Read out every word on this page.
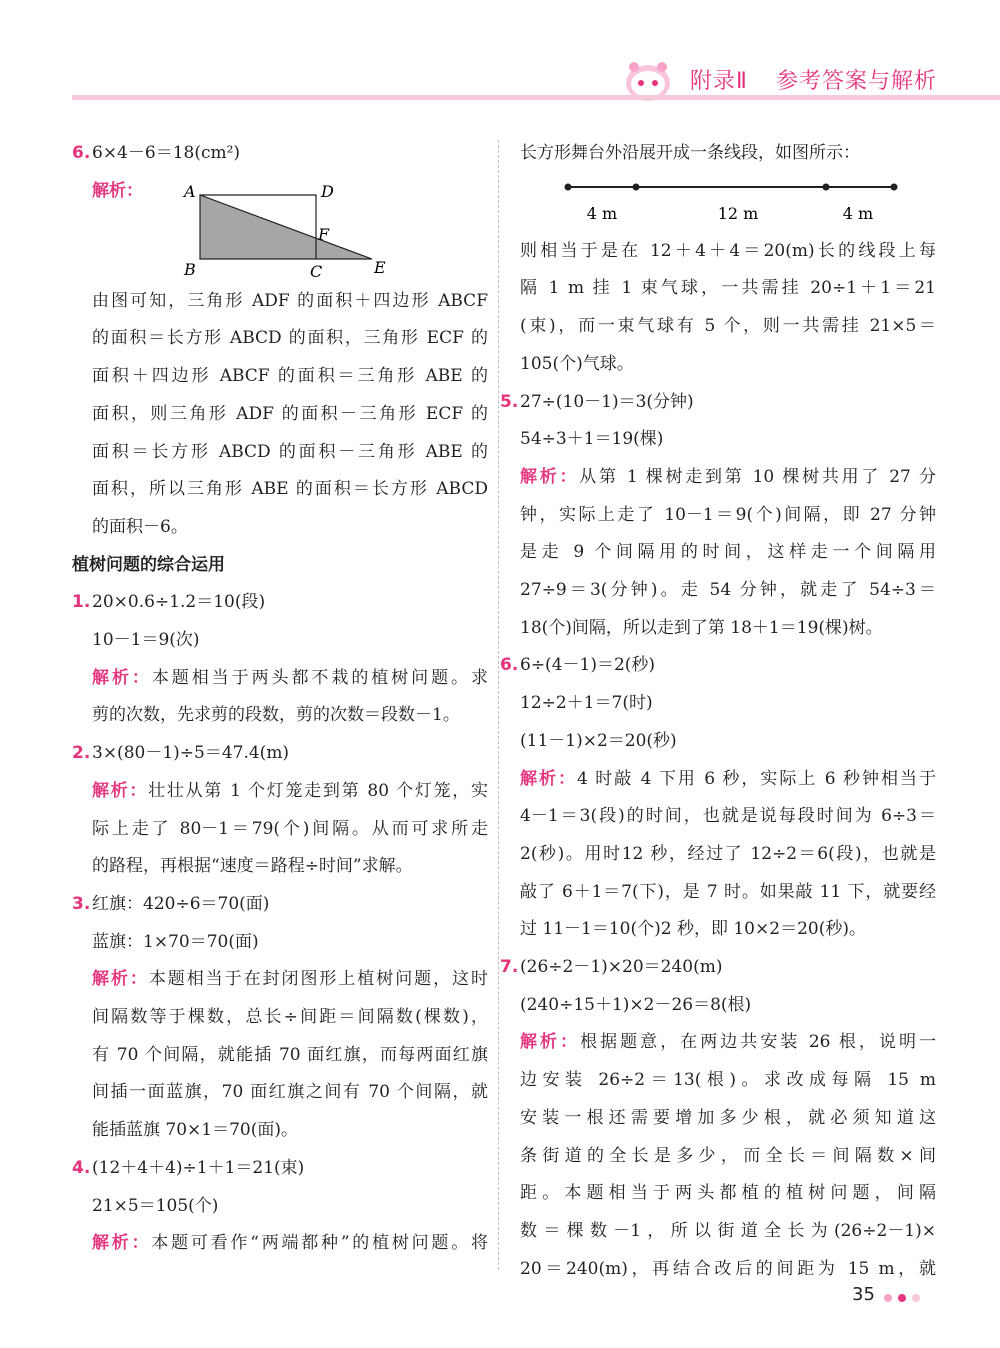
附录Ⅱ 参考答案与解析
6. 6×4－6＝18(cm²)
解析：	A	D
F
B	C	E
由图可知，三角形 ADF 的面积＋四边形 ABCF
的面积＝长方形 ABCD 的面积，三角形 ECF 的
面积＋四边形 ABCF 的面积＝三角形 ABE 的
面积，则三角形 ADF 的面积－三角形 ECF 的
面积＝长方形 ABCD 的面积－三角形 ABE 的
面积，所以三角形 ABE 的面积＝长方形 ABCD
的面积－6。
植树问题的综合运用
1. 20×0.6÷1.2＝10(段)
10－1＝9(次)
解析：本题相当于两头都不栽的植树问题。求
剪的次数，先求剪的段数，剪的次数＝段数－1。
2. 3×(80－1)÷5＝47.4(m)
解析：壮壮从第 1 个灯笼走到第 80 个灯笼，实
际上走了 80－1＝79(个)间隔。从而可求所走
的路程，再根据“速度＝路程÷时间”求解。
3. 红旗：420÷6＝70(面)
蓝旗：1×70＝70(面)
解析：本题相当于在封闭图形上植树问题，这时
间隔数等于棵数，总长÷间距＝间隔数(棵数)，
有 70 个间隔，就能插 70 面红旗，而每两面红旗
间插一面蓝旗，70 面红旗之间有 70 个间隔，就
能插蓝旗 70×1＝70(面)。
4. (12＋4＋4)÷1＋1＝21(束)
21×5＝105(个)
解析：本题可看作“两端都种”的植树问题。将
长方形舞台外沿展开成一条线段，如图所示：
4 m	12 m	4 m
则相当于是在 12＋4＋4＝20(m)长的线段上每
隔 1 m 挂 1 束气球，一共需挂 20÷1＋1＝21
(束)，而一束气球有 5 个，则一共需挂 21×5＝
105(个)气球。
5. 27÷(10－1)＝3(分钟)
54÷3＋1＝19(棵)
解析：从第 1 棵树走到第 10 棵树共用了 27 分
钟，实际上走了 10－1＝9(个)间隔，即 27 分钟
是走 9 个间隔用的时间，这样走一个间隔用
27÷9＝3(分钟)。走 54 分钟，就走了 54÷3＝
18(个)间隔，所以走到了第 18＋1＝19(棵)树。
6. 6÷(4－1)＝2(秒)
12÷2＋1＝7(时)
(11－1)×2＝20(秒)
解析：4 时敲 4 下用 6 秒，实际上 6 秒钟相当于
4－1＝3(段)的时间，也就是说每段时间为 6÷3＝
2(秒)。用时12 秒，经过了 12÷2＝6(段)，也就是
敲了 6＋1＝7(下)，是 7 时。如果敲 11 下，就要经
过 11－1＝10(个)2 秒，即 10×2＝20(秒)。
7. (26÷2－1)×20＝240(m)
(240÷15＋1)×2－26＝8(根)
解析：根据题意，在两边共安装 26 根，说明一
边安装 26÷2＝13(根)。求改成每隔 15 m
安装一根还需要增加多少根，就必须知道这
条街道的全长是多少，而全长＝间隔数×间
距。本题相当于两头都植的植树问题，间隔
数＝棵数－1，所以街道全长为(26÷2－1)×
20＝240(m)，再结合改后的间距为 15 m，就
35
